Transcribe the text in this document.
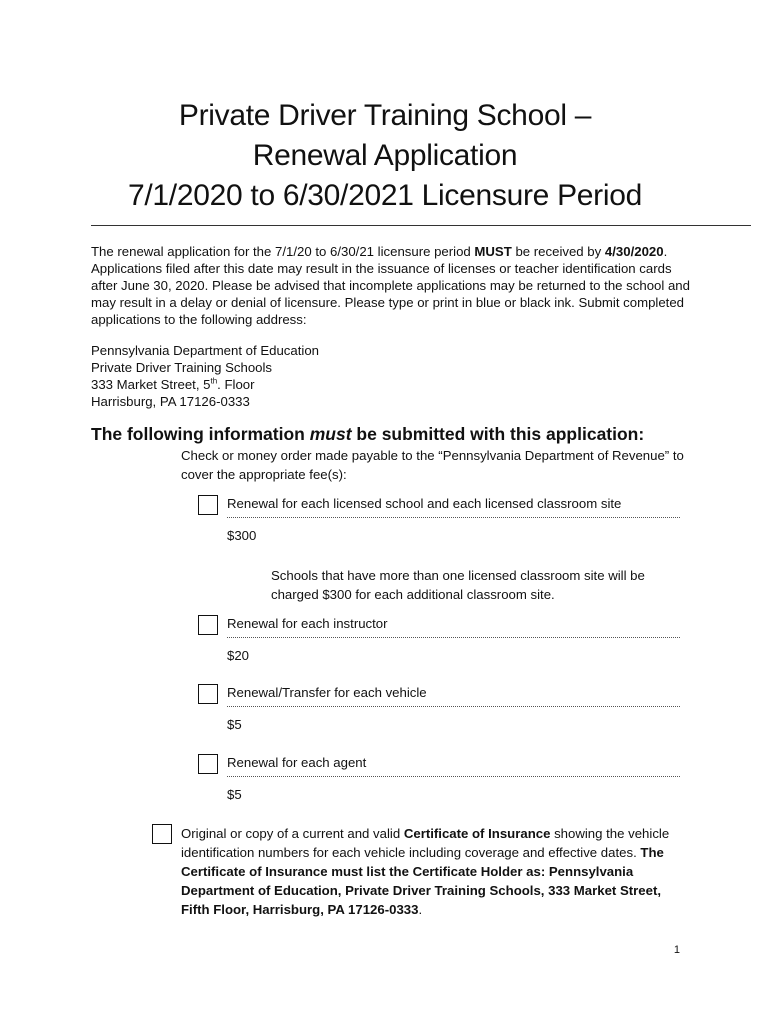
Private Driver Training School –
Renewal Application
7/1/2020 to 6/30/2021 Licensure Period
The renewal application for the 7/1/20 to 6/30/21 licensure period MUST be received by 4/30/2020. Applications filed after this date may result in the issuance of licenses or teacher identification cards after June 30, 2020. Please be advised that incomplete applications may be returned to the school and may result in a delay or denial of licensure. Please type or print in blue or black ink. Submit completed applications to the following address:
Pennsylvania Department of Education
Private Driver Training Schools
333 Market Street, 5th. Floor
Harrisburg, PA 17126-0333
The following information must be submitted with this application:
Check or money order made payable to the “Pennsylvania Department of Revenue” to cover the appropriate fee(s):
Renewal for each licensed school and each licensed classroom site
$300
Schools that have more than one licensed classroom site will be charged $300 for each additional classroom site.
Renewal for each instructor
$20
Renewal/Transfer for each vehicle
$5
Renewal for each agent
$5
Original or copy of a current and valid Certificate of Insurance showing the vehicle identification numbers for each vehicle including coverage and effective dates. The Certificate of Insurance must list the Certificate Holder as: Pennsylvania Department of Education, Private Driver Training Schools, 333 Market Street, Fifth Floor, Harrisburg, PA 17126-0333.
1
